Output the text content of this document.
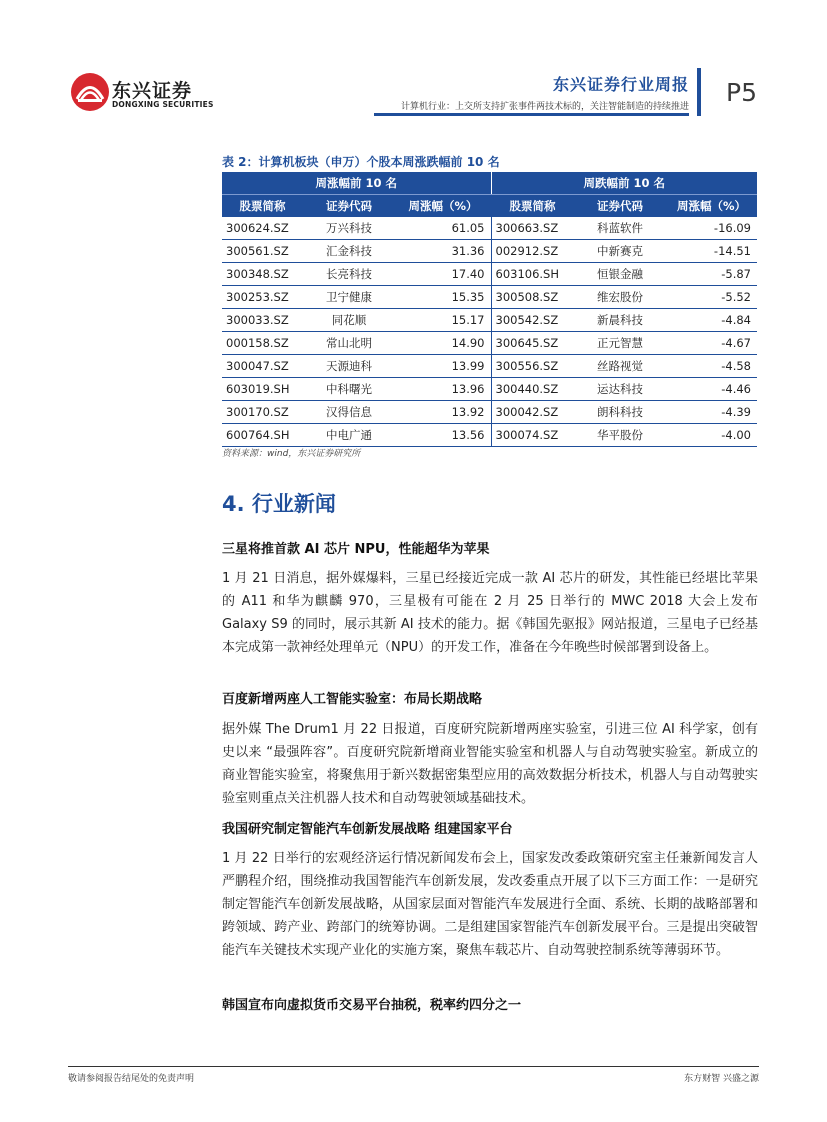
东兴证券
DONGXING SECURITIES
东兴证券行业周报
计算机行业：上交所支持扩张事件两技术标的，关注智能制造的持续推进 P5
表 2：计算机板块（申万）个股本周涨跌幅前 10 名
周涨幅前 10 名			周跌幅前 10 名		
股票简称	证券代码	周涨幅（%）	股票简称	证券代码	周涨幅（%）
300624.SZ	万兴科技	61.05	300663.SZ	科蓝软件	-16.09
300561.SZ	汇金科技	31.36	002912.SZ	中新赛克	-14.51
300348.SZ	长亮科技	17.40	603106.SH	恒银金融	-5.87
300253.SZ	卫宁健康	15.35	300508.SZ	维宏股份	-5.52
300033.SZ	同花顺	15.17	300542.SZ	新晨科技	-4.84
000158.SZ	常山北明	14.90	300645.SZ	正元智慧	-4.67
300047.SZ	天源迪科	13.99	300556.SZ	丝路视觉	-4.58
603019.SH	中科曙光	13.96	300440.SZ	运达科技	-4.46
300170.SZ	汉得信息	13.92	300042.SZ	朗科科技	-4.39
600764.SH	中电广通	13.56	300074.SZ	华平股份	-4.00
资料来源：wind，东兴证券研究所
4. 行业新闻
三星将推首款 AI 芯片 NPU，性能超华为苹果
1 月 21 日消息，据外媒爆料，三星已经接近完成一款 AI 芯片的研发，其性能已经堪比苹果的 A11 和华为麒麟 970，三星极有可能在 2 月 25 日举行的 MWC 2018 大会上发布 Galaxy S9 的同时，展示其新 AI 技术的能力。据《韩国先驱报》网站报道，三星电子已经基本完成第一款神经处理单元（NPU）的开发工作，准备在今年晚些时候部署到设备上。
百度新增两座人工智能实验室：布局长期战略
据外媒 The Drum1 月 22 日报道，百度研究院新增两座实验室，引进三位 AI 科学家，创有史以来 “最强阵容”。百度研究院新增商业智能实验室和机器人与自动驾驶实验室。新成立的商业智能实验室，将聚焦用于新兴数据密集型应用的高效数据分析技术，机器人与自动驾驶实验室则重点关注机器人技术和自动驾驶领域基础技术。
我国研究制定智能汽车创新发展战略 组建国家平台
1 月 22 日举行的宏观经济运行情况新闻发布会上，国家发改委政策研究室主任兼新闻发言人严鹏程介绍，围绕推动我国智能汽车创新发展，发改委重点开展了以下三方面工作：一是研究制定智能汽车创新发展战略，从国家层面对智能汽车发展进行全面、系统、长期的战略部署和跨领域、跨产业、跨部门的统筹协调。二是组建国家智能汽车创新发展平台。三是提出突破智能汽车关键技术实现产业化的实施方案，聚焦车载芯片、自动驾驶控制系统等薄弱环节。
韩国宣布向虚拟货币交易平台抽税，税率约四分之一
敬请参阅报告结尾处的免责声明	东方财智 兴盛之源
